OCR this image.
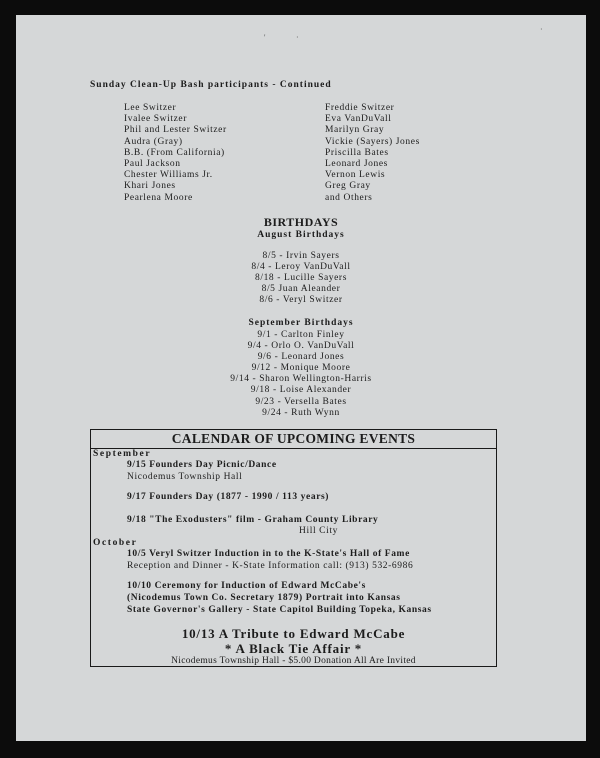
'	·
·
Sunday Clean-Up Bash participants - Continued
Lee Switzer
Ivalee Switzer
Phil and Lester Switzer
Audra (Gray)
B.B. (From California)
Paul Jackson
Chester Williams Jr.
Khari Jones
Pearlena Moore
Freddie Switzer
Eva VanDuVall
Marilyn Gray
Vickie (Sayers) Jones
Priscilla Bates
Leonard Jones
Vernon Lewis
Greg Gray
and Others
BIRTHDAYS
August Birthdays
8/5 - Irvin Sayers
8/4 - Leroy VanDuVall
8/18 - Lucille Sayers
8/5 Juan Aleander
8/6 - Veryl Switzer
September Birthdays
9/1 - Carlton Finley
9/4 - Orlo O. VanDuVall
9/6 - Leonard Jones
9/12 - Monique Moore
9/14 - Sharon Wellington-Harris
9/18 - Loise Alexander
9/23 - Versella Bates
9/24 - Ruth Wynn
CALENDAR OF UPCOMING EVENTS
September
9/15 Founders Day Picnic/Dance
Nicodemus Township Hall
9/17 Founders Day (1877 - 1990 / 113 years)
9/18 "The Exodusters" film - Graham County Library
Hill City
October
10/5 Veryl Switzer Induction in to the K-State's Hall of Fame
Reception and Dinner - K-State Information call: (913) 532-6986
10/10 Ceremony for Induction of Edward McCabe's
(Nicodemus Town Co. Secretary 1879) Portrait into Kansas
State Governor's Gallery - State Capitol Building Topeka, Kansas
10/13 A Tribute to Edward McCabe
* A Black Tie Affair *
Nicodemus Township Hall - $5.00 Donation All Are Invited
